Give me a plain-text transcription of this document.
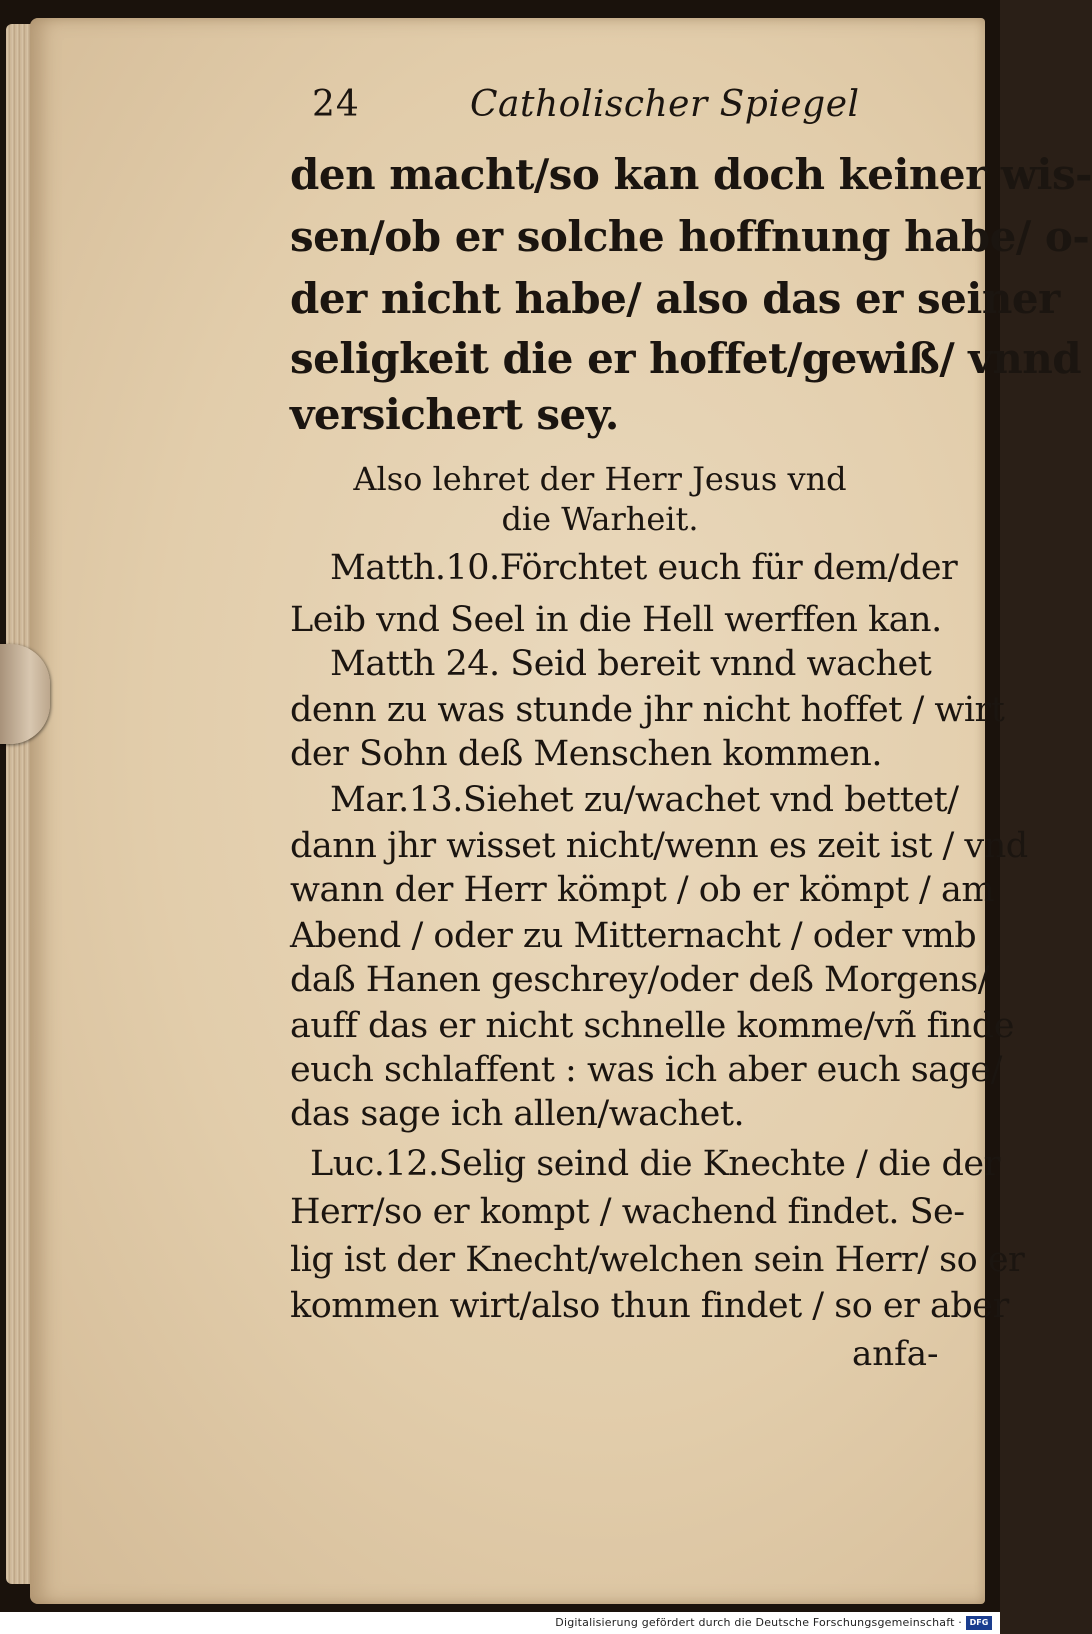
24	Catholischer Spiegel
den macht/so kan doch keiner wis-
sen/ob er solche hoffnung habe/ o-
der nicht habe/ also das er seiner
seligkeit die er hoffet/gewiß/ vnnd
versichert sey.
Also lehret der Herr Jesus vnd
die Warheit.
Matth.10.Förchtet euch für dem/der
Leib vnd Seel in die Hell werffen kan.
Matth 24. Seid bereit vnnd wachet
denn zu was stunde jhr nicht hoffet / wirt
der Sohn deß Menschen kommen.
Mar.13.Siehet zu/wachet vnd bettet/
dann jhr wisset nicht/wenn es zeit ist / vnd
wann der Herr kömpt / ob er kömpt / am
Abend / oder zu Mitternacht / oder vmb
daß Hanen geschrey/oder deß Morgens/
auff das er nicht schnelle komme/vñ finde
euch schlaffent : was ich aber euch sage/
das sage ich allen/wachet.
Luc.12.Selig seind die Knechte / die der
Herr/so er kompt / wachend findet. Se-
lig ist der Knecht/welchen sein Herr/ so er
kommen wirt/also thun findet / so er aber
anfa-
Digitalisierung gefördert durch die Deutsche Forschungsgemeinschaft · DFG
